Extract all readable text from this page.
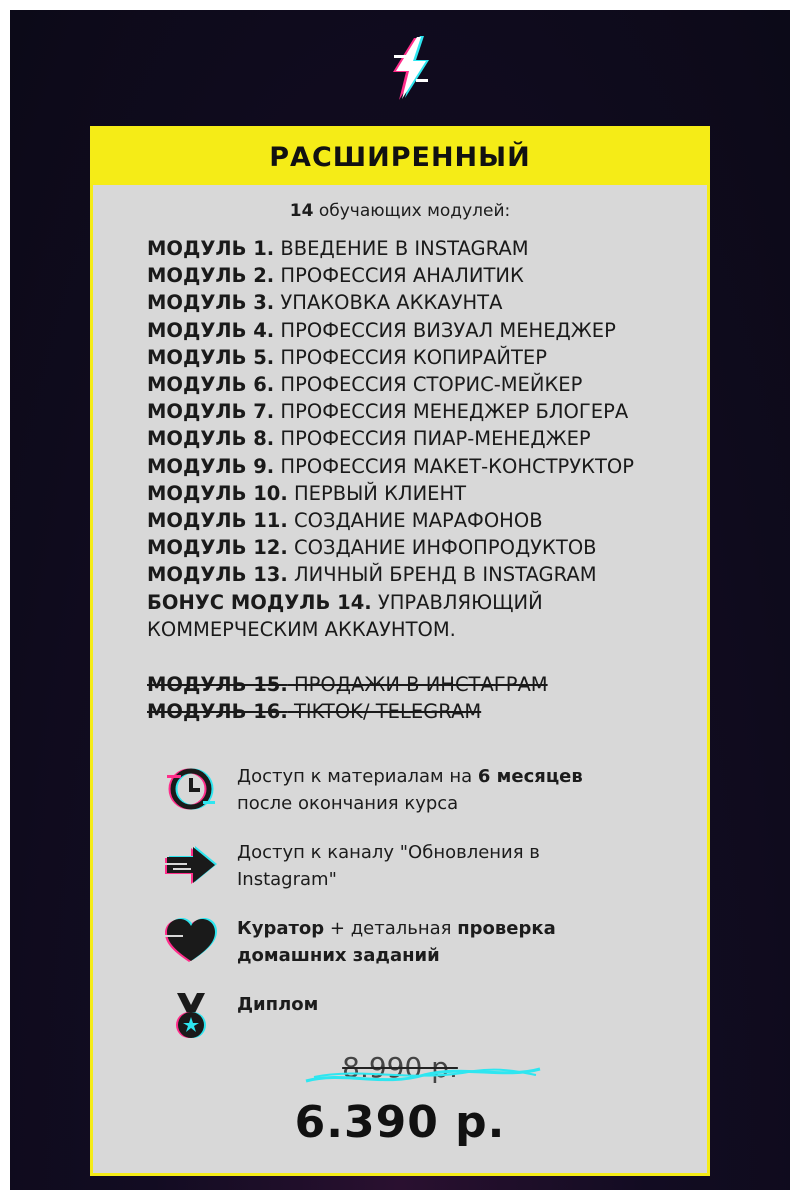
РАСШИРЕННЫЙ
14 обучающих модулей:
МОДУЛЬ 1. ВВЕДЕНИЕ В INSTAGRAM
МОДУЛЬ 2. ПРОФЕССИЯ АНАЛИТИК
МОДУЛЬ 3. УПАКОВКА АККАУНТА
МОДУЛЬ 4. ПРОФЕССИЯ ВИЗУАЛ МЕНЕДЖЕР
МОДУЛЬ 5. ПРОФЕССИЯ КОПИРАЙТЕР
МОДУЛЬ 6. ПРОФЕССИЯ СТОРИС-МЕЙКЕР
МОДУЛЬ 7. ПРОФЕССИЯ МЕНЕДЖЕР БЛОГЕРА
МОДУЛЬ 8. ПРОФЕССИЯ ПИАР-МЕНЕДЖЕР
МОДУЛЬ 9. ПРОФЕССИЯ МАКЕТ-КОНСТРУКТОР
МОДУЛЬ 10. ПЕРВЫЙ КЛИЕНТ
МОДУЛЬ 11. СОЗДАНИЕ МАРАФОНОВ
МОДУЛЬ 12. СОЗДАНИЕ ИНФОПРОДУКТОВ
МОДУЛЬ 13. ЛИЧНЫЙ БРЕНД В INSTAGRAM
БОНУС МОДУЛЬ 14. УПРАВЛЯЮЩИЙ КОММЕРЧЕСКИМ АККАУНТОМ.
МОДУЛЬ 15. ПРОДАЖИ В ИНСТАГРАМ
МОДУЛЬ 16. TIKTOK/ TELEGRAM
Доступ к материалам на 6 месяцев после окончания курса
Доступ к каналу "Обновления в Instagram"
Куратор + детальная проверка домашних заданий
Диплом
8.990 р.
6.390 р.
